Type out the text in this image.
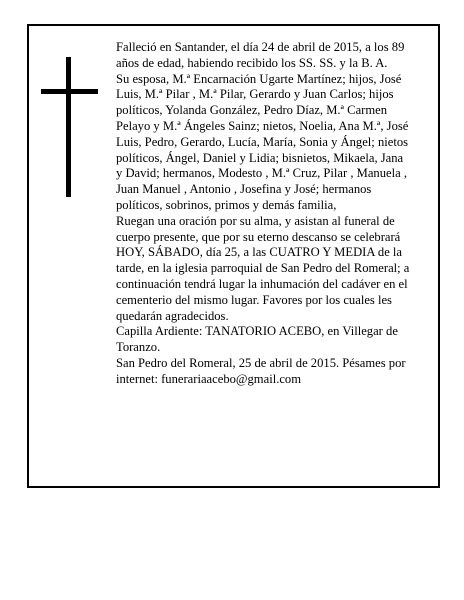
Falleció en Santander, el día 24 de abril de 2015, a los 89 años de edad, habiendo recibido los SS. SS. y la B. A.

Su esposa, M.ª Encarnación Ugarte Martínez; hijos, José Luis, M.ª Pilar , M.ª Pilar, Gerardo y Juan Carlos; hijos políticos, Yolanda González, Pedro Díaz, M.ª Carmen Pelayo y M.ª Ángeles Sainz; nietos, Noelia, Ana M.ª, José Luis, Pedro, Gerardo, Lucía, María, Sonia y Ángel; nietos políticos, Ángel, Daniel y Lidia; bisnietos, Mikaela, Jana y David; hermanos, Modesto , M.ª Cruz, Pilar , Manuela , Juan Manuel , Antonio , Josefina y José; hermanos políticos, sobrinos, primos y demás familia,

Ruegan una oración por su alma, y asistan al funeral de cuerpo presente, que por su eterno descanso se celebrará HOY, SÁBADO, día 25, a las CUATRO Y MEDIA de la tarde, en la iglesia parroquial de San Pedro del Romeral; a continuación tendrá lugar la inhumación del cadáver en el cementerio del mismo lugar. Favores por los cuales les quedarán agradecidos.

Capilla Ardiente: TANATORIO ACEBO, en Villegar de Toranzo.

San Pedro del Romeral, 25 de abril de 2015. Pésames por internet: funerariaacebo@gmail.com
